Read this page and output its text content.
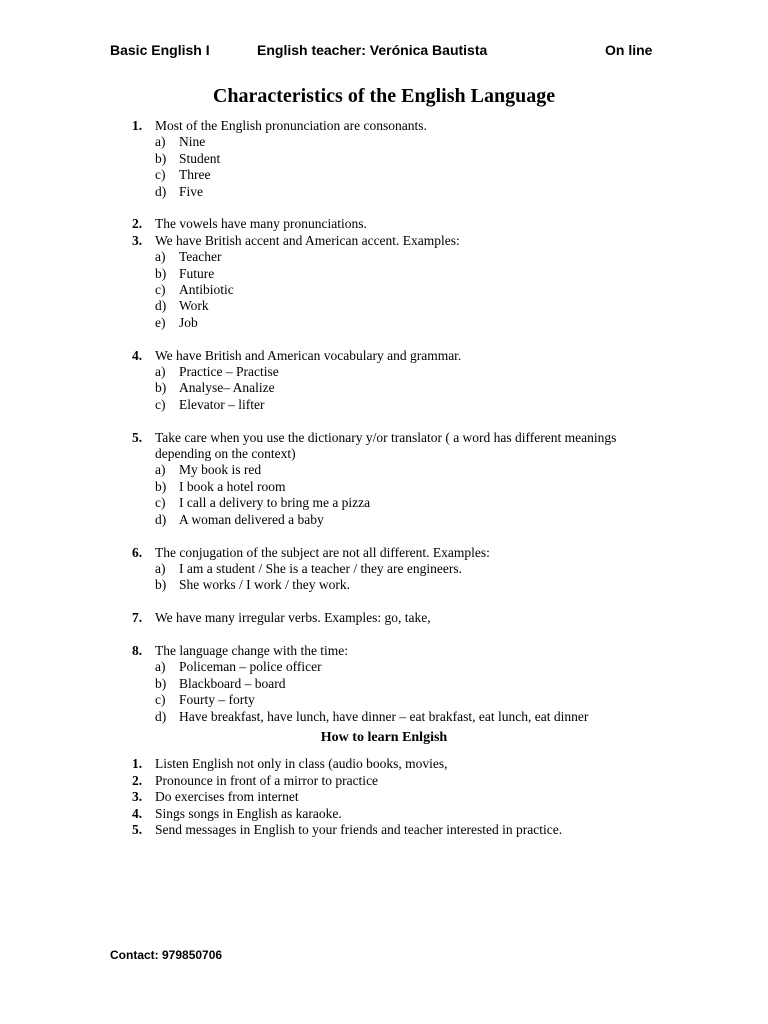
Basic English I	English teacher: Verónica Bautista	On line
Characteristics of the English Language
1. Most of the English pronunciation are consonants.
a) Nine
b) Student
c) Three
d) Five
2. The vowels have many pronunciations.
3. We have British accent and American accent. Examples:
a) Teacher
b) Future
c) Antibiotic
d) Work
e) Job
4. We have British and American vocabulary and grammar.
a) Practice – Practise
b) Analyse– Analize
c) Elevator – lifter
5. Take care when you use the dictionary y/or translator ( a word has different meanings depending on the context)
a) My book is red
b) I book a hotel room
c) I call a delivery to bring me a pizza
d) A woman delivered a baby
6. The conjugation of the subject are not all different. Examples:
a) I am a student / She is a teacher / they are engineers.
b) She works / I work / they work.
7. We have many irregular verbs. Examples: go, take,
8. The language change with the time:
a) Policeman – police officer
b) Blackboard – board
c) Fourty – forty
d) Have breakfast, have lunch, have dinner – eat brakfast, eat lunch, eat dinner
How to learn Enlgish
1. Listen English not only in class (audio books, movies,
2. Pronounce in front of a mirror to practice
3. Do exercises from internet
4. Sings songs in English as karaoke.
5. Send messages in English to your friends and teacher interested in practice.
Contact: 979850706
